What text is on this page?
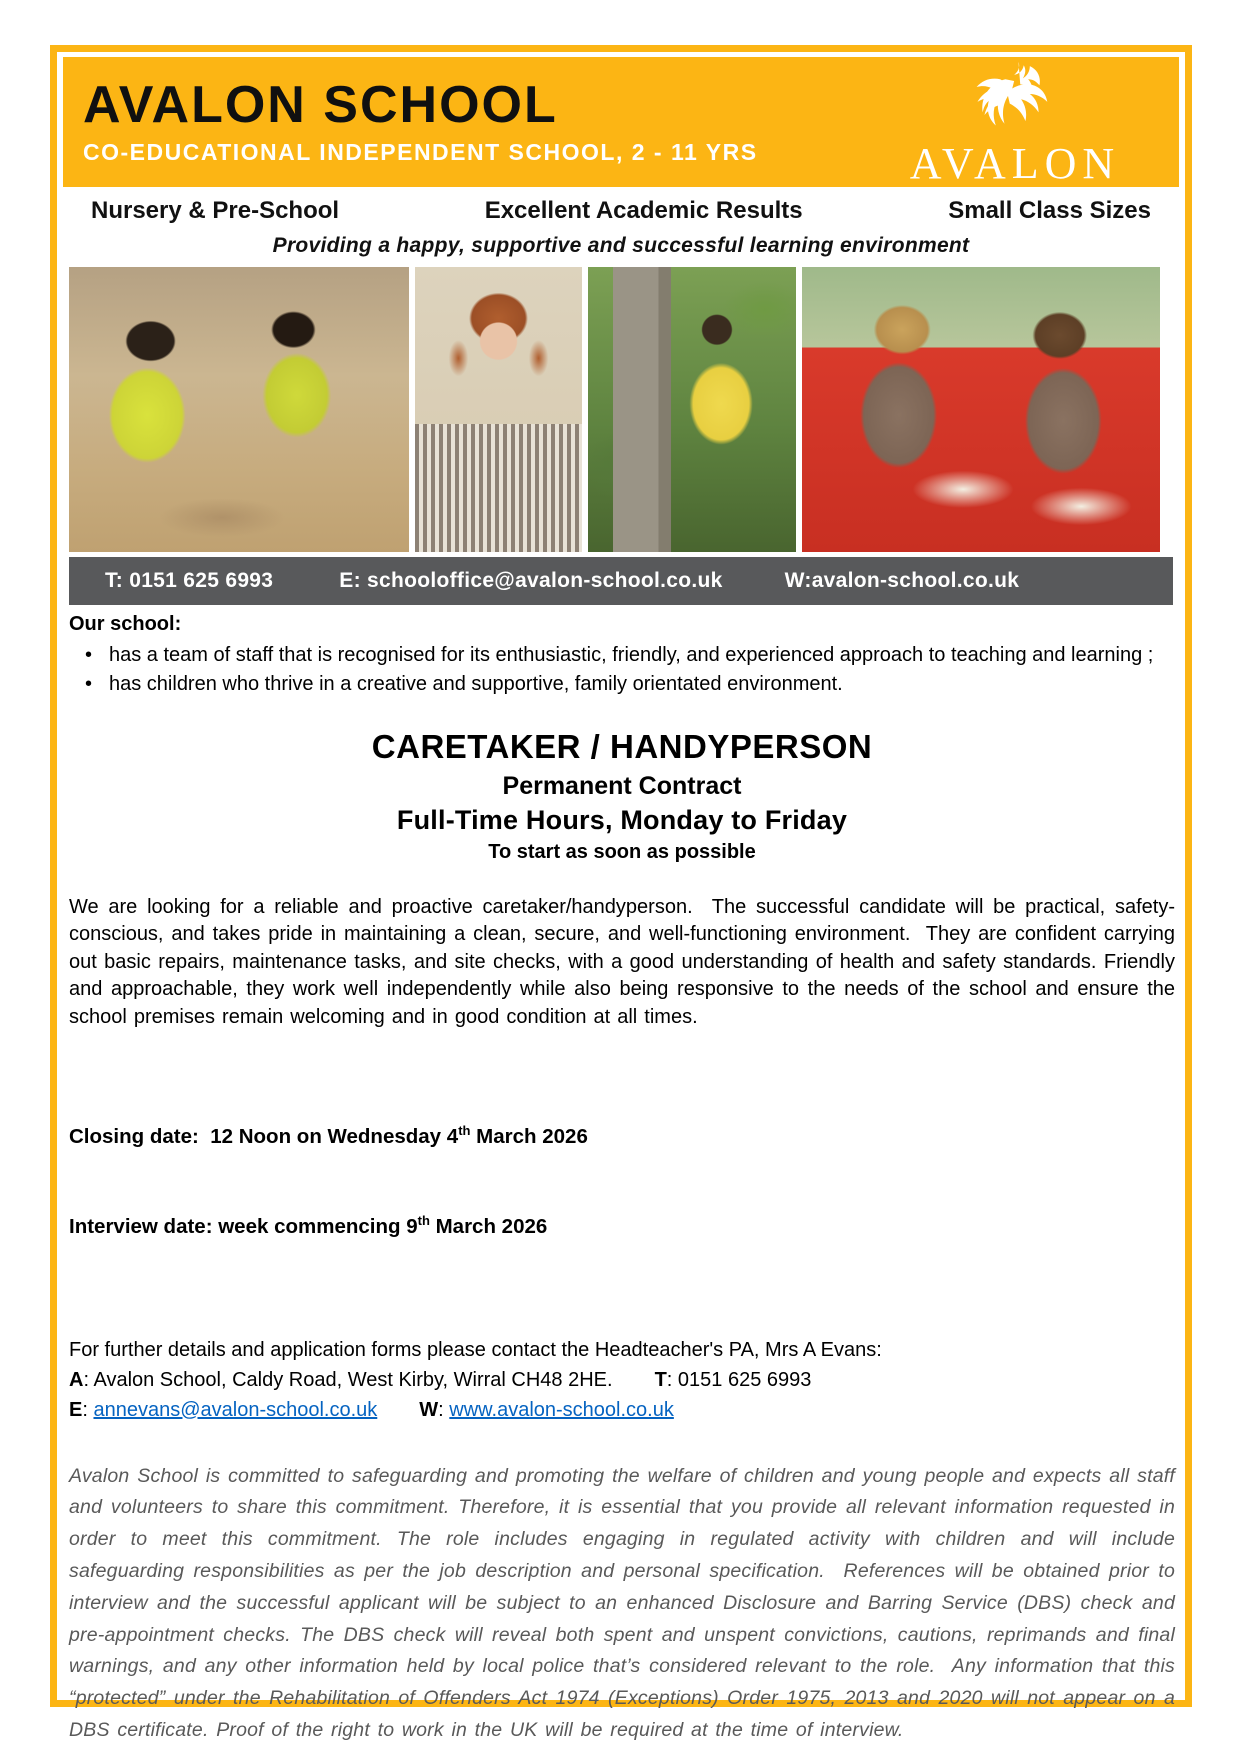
AVALON SCHOOL
CO-EDUCATIONAL INDEPENDENT SCHOOL, 2 - 11 YRS	AVALON
Nursery & Pre-School	Excellent Academic Results	Small Class Sizes
Providing a happy, supportive and successful learning environment
T: 0151 625 6993	E: schooloffice@avalon-school.co.uk	W:avalon-school.co.uk
Our school:
• has a team of staff that is recognised for its enthusiastic, friendly, and experienced approach to teaching and learning ;
• has children who thrive in a creative and supportive, family orientated environment.
CARETAKER / HANDYPERSON
Permanent Contract
Full-Time Hours, Monday to Friday
To start as soon as possible

We are looking for a reliable and proactive caretaker/handyperson.  The successful candidate will be practical, safety-conscious, and takes pride in maintaining a clean, secure, and well-functioning environment.  They are confident carrying out basic repairs, maintenance tasks, and site checks, with a good understanding of health and safety standards. Friendly and approachable, they work well independently while also being responsive to the needs of the school and ensure the school premises remain welcoming and in good condition at all times.

Closing date:  12 Noon on Wednesday 4th March 2026

Interview date: week commencing 9th March 2026

For further details and application forms please contact the Headteacher's PA, Mrs A Evans:
A: Avalon School, Caldy Road, West Kirby, Wirral CH48 2HE. T: 0151 625 6993
E: annevans@avalon-school.co.uk W: www.avalon-school.co.uk

Avalon School is committed to safeguarding and promoting the welfare of children and young people and expects all staff and volunteers to share this commitment. Therefore, it is essential that you provide all relevant information requested in order to meet this commitment. The role includes engaging in regulated activity with children and will include safeguarding responsibilities as per the job description and personal specification.  References will be obtained prior to interview and the successful applicant will be subject to an enhanced Disclosure and Barring Service (DBS) check and pre-appointment checks. The DBS check will reveal both spent and unspent convictions, cautions, reprimands and final warnings, and any other information held by local police that’s considered relevant to the role.  Any information that this “protected” under the Rehabilitation of Offenders Act 1974 (Exceptions) Order 1975, 2013 and 2020 will not appear on a DBS certificate. Proof of the right to work in the UK will be required at the time of interview.
